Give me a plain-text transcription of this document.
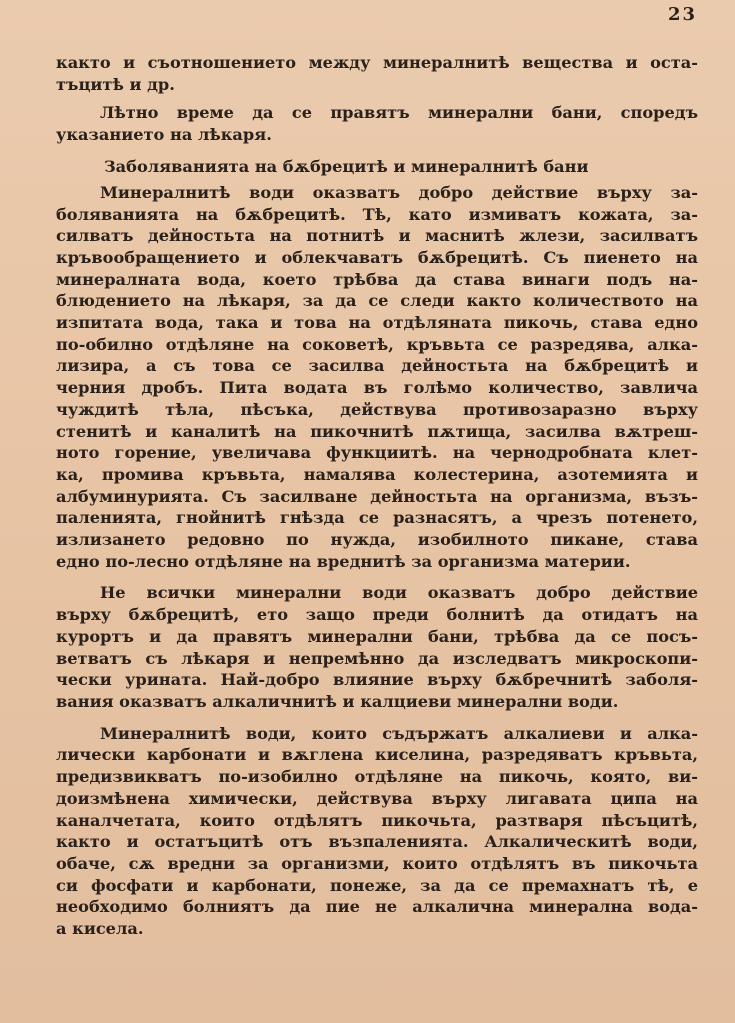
23
както и съотношението между минералнитѣ вещества и оста-
тъцитѣ и др.
Лѣтно време да се правятъ минерални бани, споредъ
указанието на лѣкаря.
Заболяванията на бѫбрецитѣ и минералнитѣ бани
Минералнитѣ води оказватъ добро действие върху за-
боляванията на бѫбрецитѣ. Тѣ, като измиватъ кожата, за-
силватъ дейностьта на потнитѣ и маснитѣ жлези, засилватъ
кръвообращението и облекчаватъ бѫбрецитѣ. Съ пиенето на
минералната вода, което трѣбва да става винаги подъ на-
блюдението на лѣкаря, за да се следи както количеството на
изпитата вода, така и това на отдѣляната пикочь, става едно
по-обилно отдѣляне на соковетѣ, кръвьта се разредява, алка-
лизира, а съ това се засилва дейностьта на бѫбрецитѣ и
черния дробъ. Пита водата въ голѣмо количество, завлича
чуждитѣ тѣла, пѣсъка, действува противозаразно върху
стенитѣ и каналитѣ на пикочнитѣ пѫтища, засилва вѫтреш-
ното горение, увеличава функциитѣ. на чернодробната клет-
ка, промива кръвьта, намалява колестерина, азотемията и
албуминурията. Съ засилване дейностьта на организма, възъ-
паленията, гнойнитѣ гнѣзда се разнасятъ, а чрезъ потенето,
излизането редовно по нужда, изобилното пикане, става
едно по-лесно отдѣляне на вреднитѣ за организма материи.
Не всички минерални води оказватъ добро действие
върху бѫбрецитѣ, ето защо преди болнитѣ да отидатъ на
курортъ и да правятъ минерални бани, трѣбва да се посъ-
ветватъ съ лѣкаря и непремѣнно да изследватъ микроскопи-
чески урината. Най-добро влияние върху бѫбречнитѣ заболя-
вания оказватъ алкаличнитѣ и калциеви минерални води.
Минералнитѣ води, които съдържатъ алкалиеви и алка-
лически карбонати и вѫглена киселина, разредяватъ кръвьта,
предизвикватъ по-изобилно отдѣляне на пикочь, която, ви-
доизмѣнена химически, действува върху лигавата ципа на
каналчетата, които отдѣлятъ пикочьта, разтваря пѣсъцитѣ,
както и остатъцитѣ отъ възпаленията. Алкалическитѣ води,
обаче, сѫ вредни за организми, които отдѣлятъ въ пикочьта
си фосфати и карбонати, понеже, за да се премахнатъ тѣ, е
необходимо болниятъ да пие не алкалична минерална вода-
а кисела.
